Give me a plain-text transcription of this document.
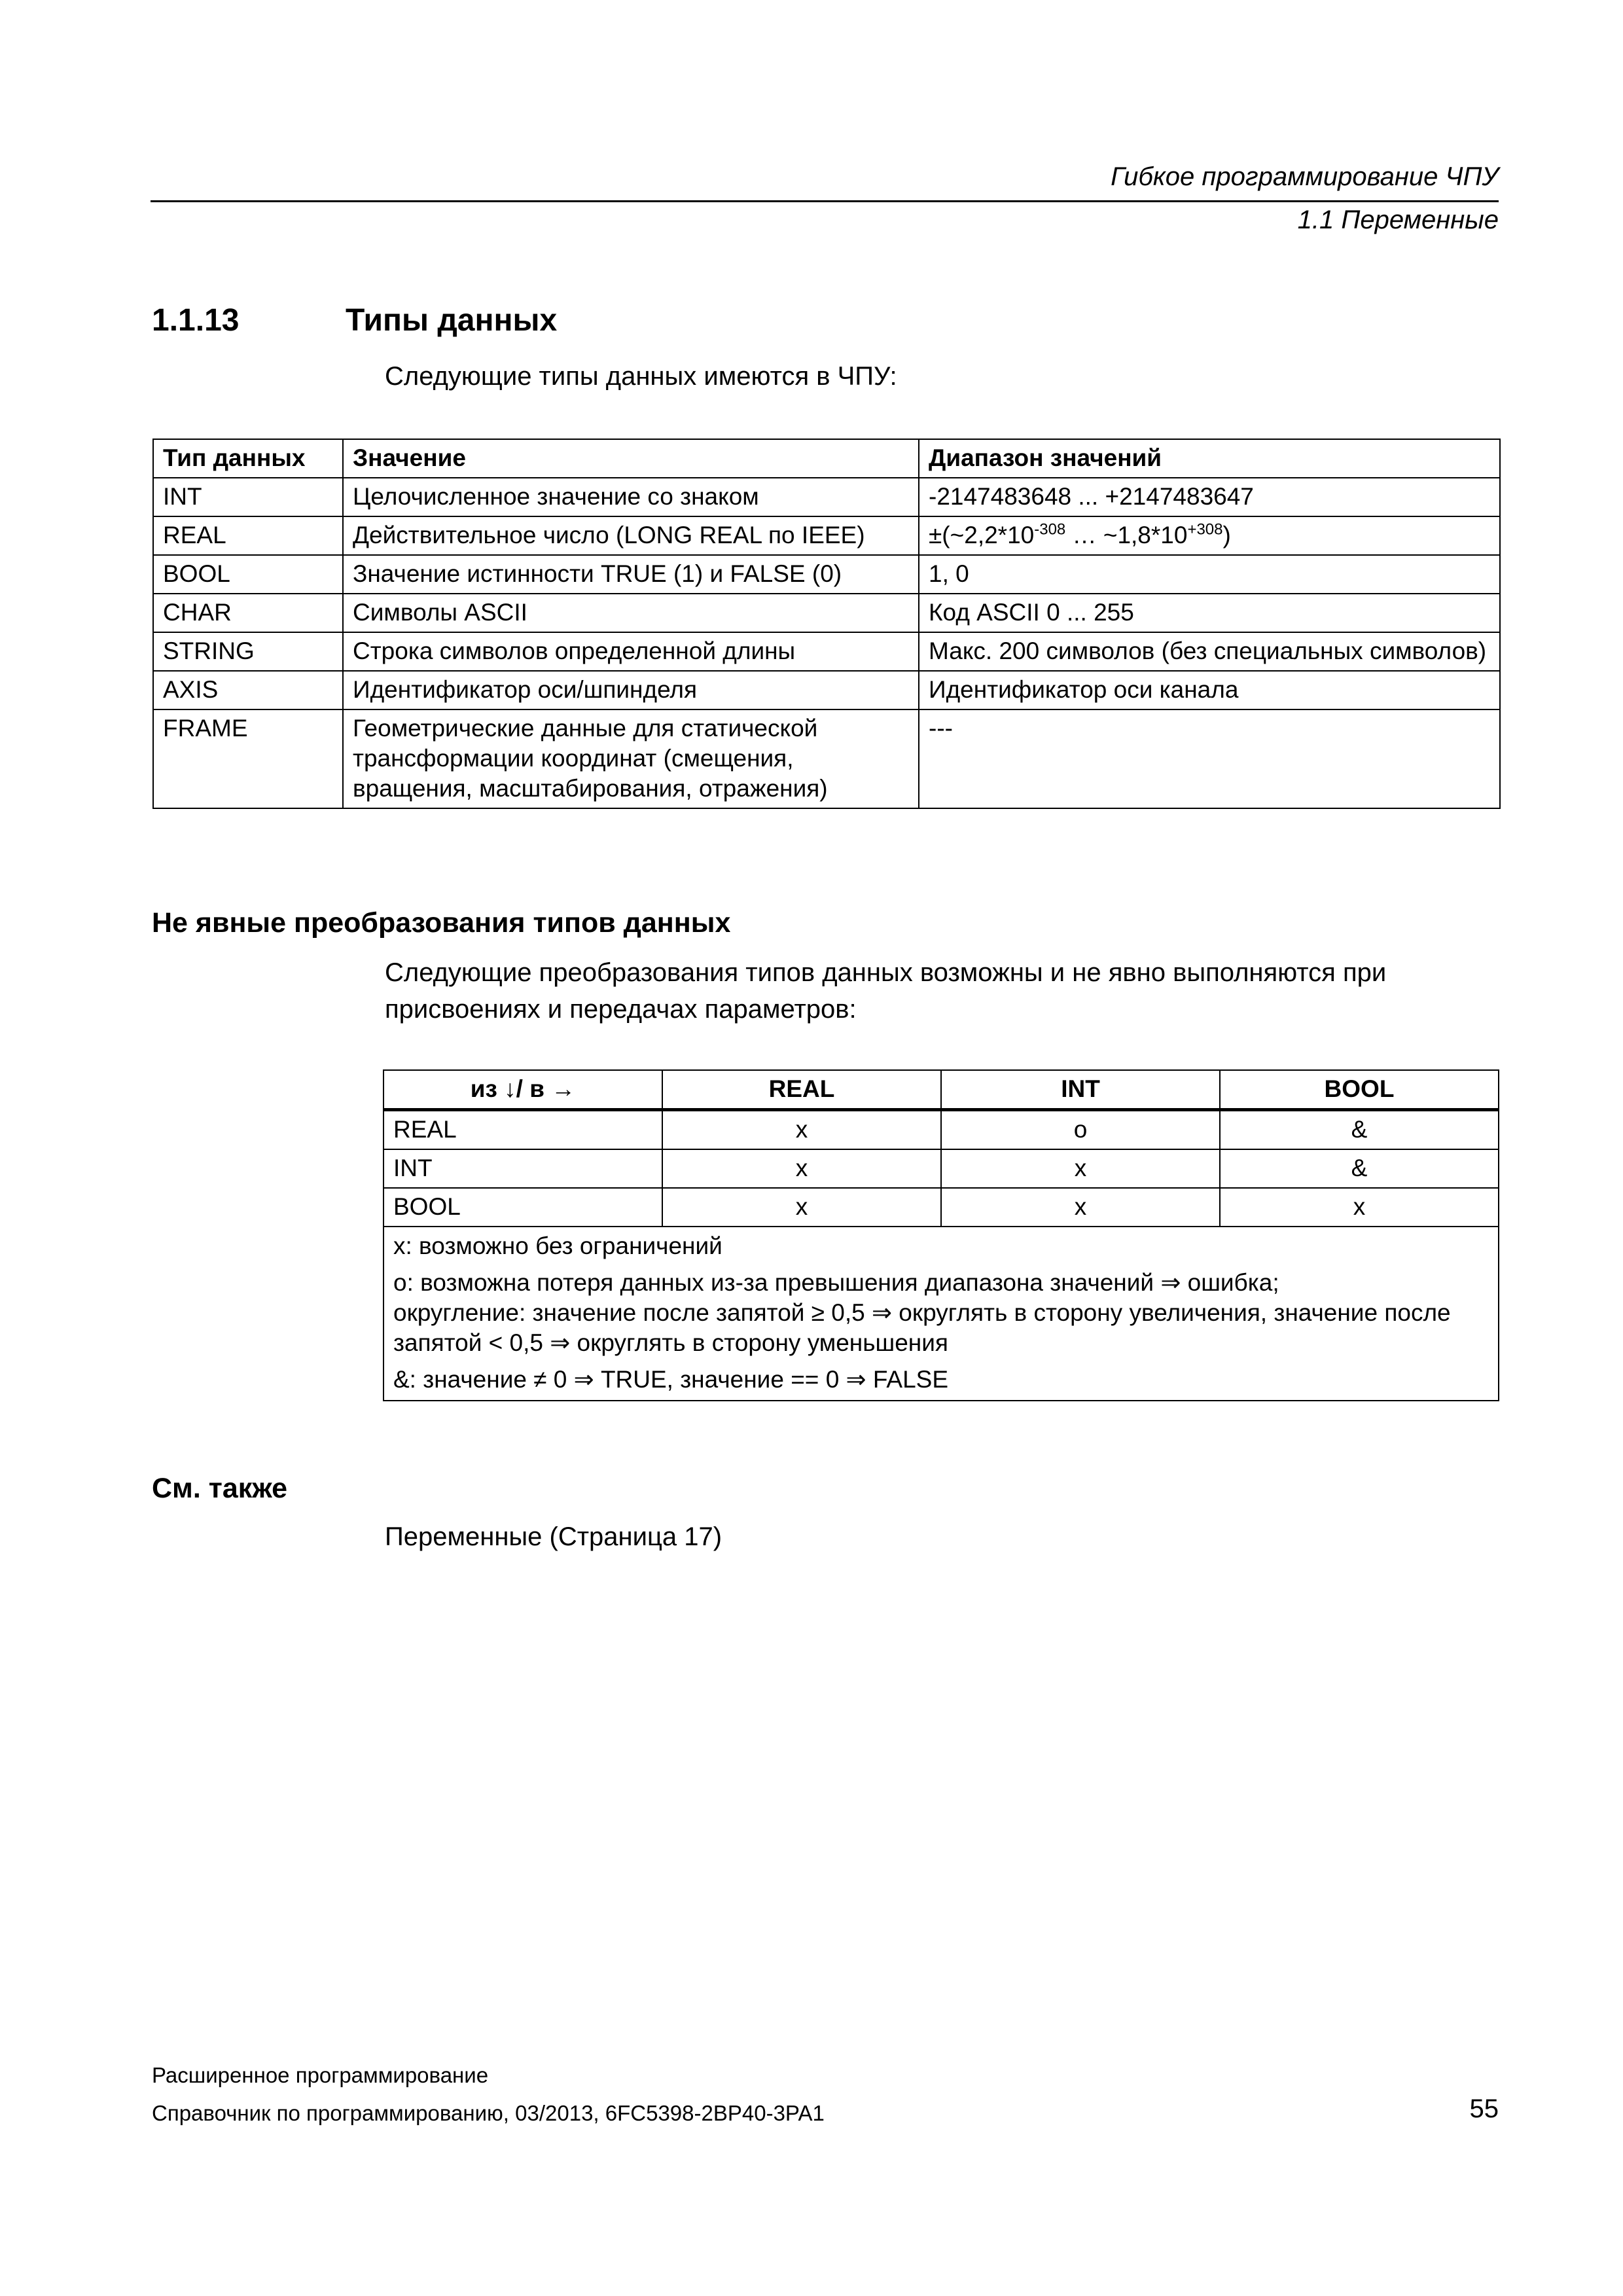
Гибкое программирование ЧПУ
1.1 Переменные
1.1.13	Типы данных
Следующие типы данных имеются в ЧПУ:
Тип данных	Значение	Диапазон значений
INT	Целочисленное значение со знаком	-2147483648 ... +2147483647
REAL	Действительное число (LONG REAL по IEEE)	$\pm(\sim 2,2*10^{-308}$ … $\sim 1,8*10^{+308}$)
BOOL	Значение истинности TRUE (1) и FALSE (0)	1, 0
CHAR	Символы ASCII	Код ASCII 0 ... 255
STRING	Строка символов определенной длины	Макс. 200 символов (без специальных символов)
AXIS	Идентификатор оси/шпинделя	Идентификатор оси канала
FRAME	Геометрические данные для статической трансформации координат (смещения, вращения, масштабирования, отражения)	---
Не явные преобразования типов данных
Следующие преобразования типов данных возможны и не явно выполняются при присвоениях и передачах параметров:
из ↓/ в →	REAL	INT	BOOL
REAL	x	o	&
INT	x	x	&
BOOL	x	x	x

x: возможно без ограничений
o: возможна потеря данных из-за превышения диапазона значений ⇒ ошибка;
округление: значение после запятой ≥ 0,5 ⇒ округлять в сторону увеличения, значение после запятой < 0,5 ⇒ округлять в сторону уменьшения
&: значение ≠ 0 ⇒ TRUE, значение == 0 ⇒ FALSE			
См. также
Переменные (Страница 17)
Расширенное программирование
Справочник по программированию, 03/2013, 6FC5398-2BP40-3PA1	55
